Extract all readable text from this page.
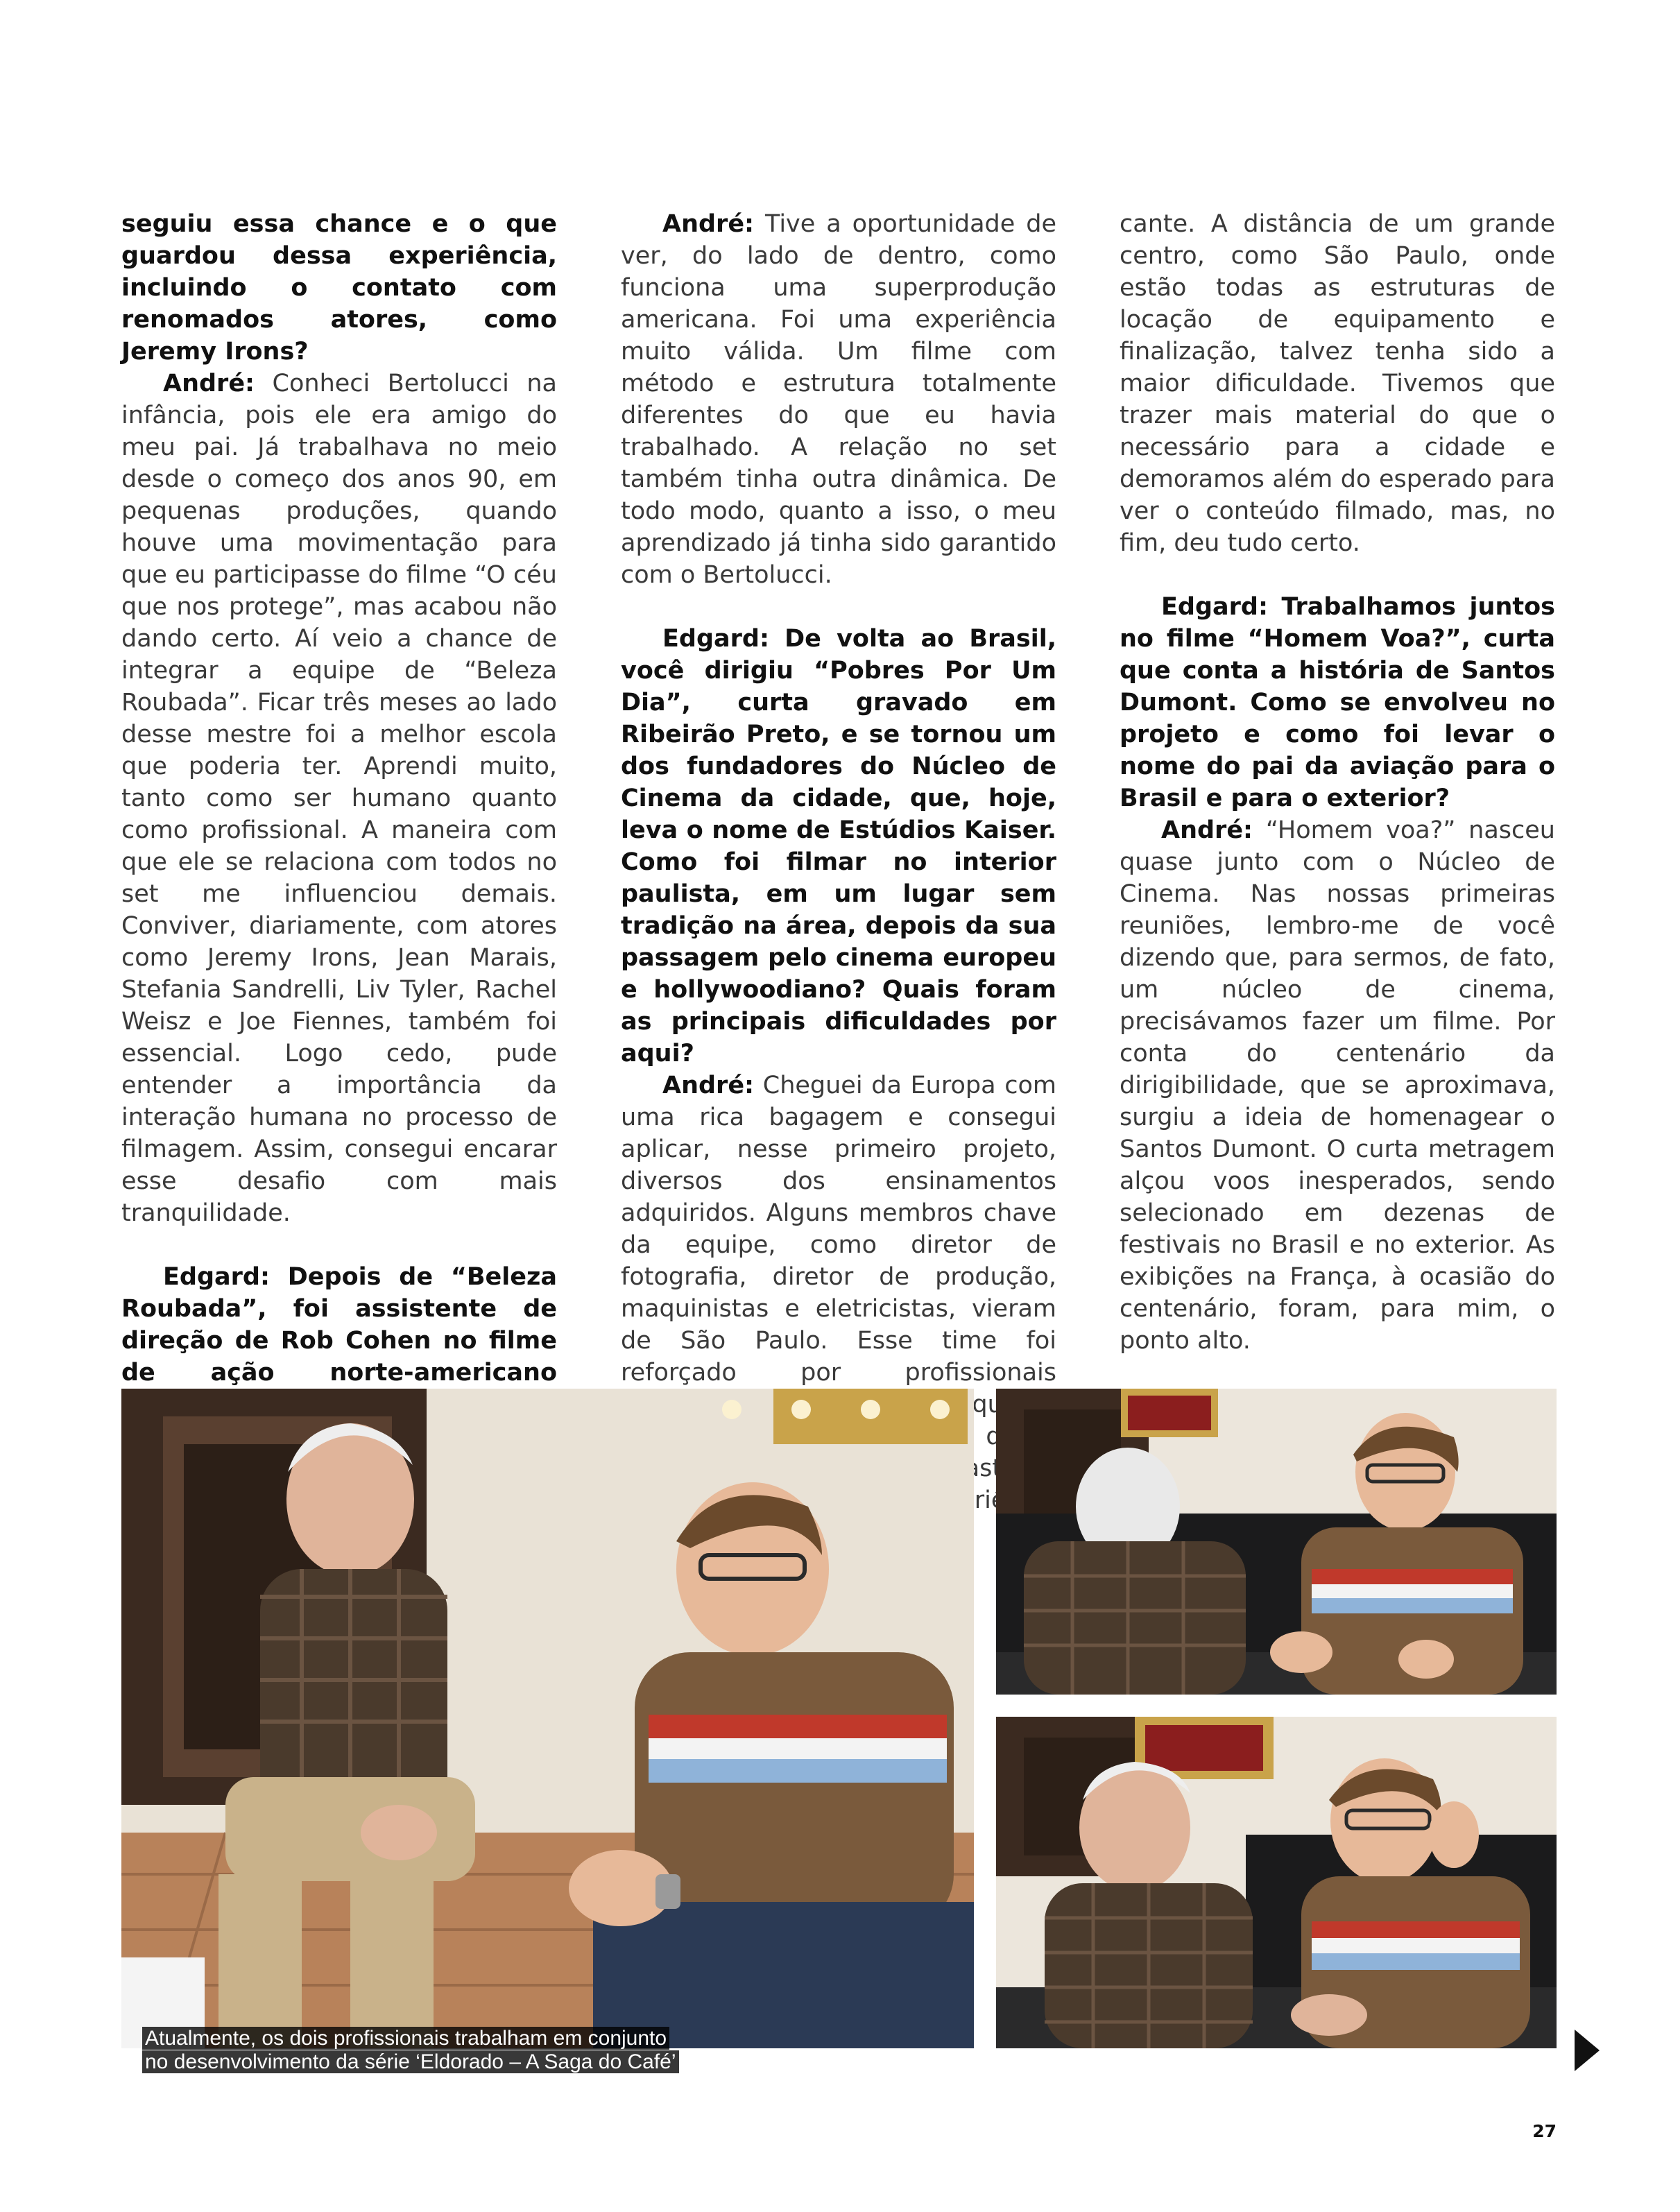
seguiu essa chance e o que guardou dessa experiência, incluindo o contato com renomados atores, como Jeremy Irons?

André: Conheci Bertolucci na infância, pois ele era amigo do meu pai. Já trabalhava no meio desde o começo dos anos 90, em pequenas produções, quando houve uma movimentação para que eu participasse do filme “O céu que nos protege”, mas acabou não dando certo. Aí veio a chance de integrar a equipe de “Beleza Roubada”. Ficar três meses ao lado desse mestre foi a melhor escola que poderia ter. Aprendi muito, tanto como ser humano quanto como profissional. A maneira com que ele se relaciona com todos no set me influenciou demais. Conviver, diariamente, com atores como Jeremy Irons, Jean Marais, Stefania Sandrelli, Liv Tyler, Rachel Weisz e Joe Fiennes, também foi essencial. Logo cedo, pude entender a importância da interação humana no processo de filmagem. Assim, consegui encarar esse desafio com mais tranquilidade.

Edgard: Depois de “Beleza Roubada”, foi assistente de direção de Rob Cohen no filme de ação norte-americano

André: Tive a oportunidade de ver, do lado de dentro, como funciona uma superprodução americana. Foi uma experiência muito válida. Um filme com método e estrutura totalmente diferentes do que eu havia trabalhado. A relação no set também tinha outra dinâmica. De todo modo, quanto a isso, o meu aprendizado já tinha sido garantido com o Bertolucci.

Edgard: De volta ao Brasil, você dirigiu “Pobres Por Um Dia”, curta gravado em Ribeirão Preto, e se tornou um dos fundadores do Núcleo de Cinema da cidade, que, hoje, leva o nome de Estúdios Kaiser. Como foi filmar no interior paulista, em um lugar sem tradição na área, depois da sua passagem pelo cinema europeu e hollywoodiano? Quais foram as principais dificuldades por aqui?

André: Cheguei da Europa com uma rica bagagem e consegui aplicar, nesse primeiro projeto, diversos dos ensinamentos adquiridos. Alguns membros chave da equipe, como diretor de fotografia, diretor de produção, maquinistas e eletricistas, vieram de São Paulo. Esse time foi reforçado por profissionais aqui experiência

cante. A distância de um grande centro, como São Paulo, onde estão todas as estruturas de locação de equipamento e finalização, talvez tenha sido a maior dificuldade. Tivemos que trazer mais material do que o necessário para a cidade e demoramos além do esperado para ver o conteúdo filmado, mas, no fim, deu tudo certo.

Edgard: Trabalhamos juntos no filme “Homem Voa?”, curta que conta a história de Santos Dumont. Como se envolveu no projeto e como foi levar o nome do pai da aviação para o Brasil e para o exterior?

André: “Homem voa?” nasceu quase junto com o Núcleo de Cinema. Nas nossas primeiras reuniões, lembro-me de você dizendo que, para sermos, de fato, um núcleo de cinema, precisávamos fazer um filme. Por conta do centenário da dirigibilidade, que se aproximava, surgiu a ideia de homenagear o Santos Dumont. O curta metragem alçou voos inesperados, sendo selecionado em dezenas de festivais no Brasil e no exterior. As exibições na França, à ocasião do centenário, foram, para mim, o ponto alto.

Atualmente, os dois profissionais trabalham em conjunto
no desenvolvimento da série ‘Eldorado – A Saga do Café’
27
